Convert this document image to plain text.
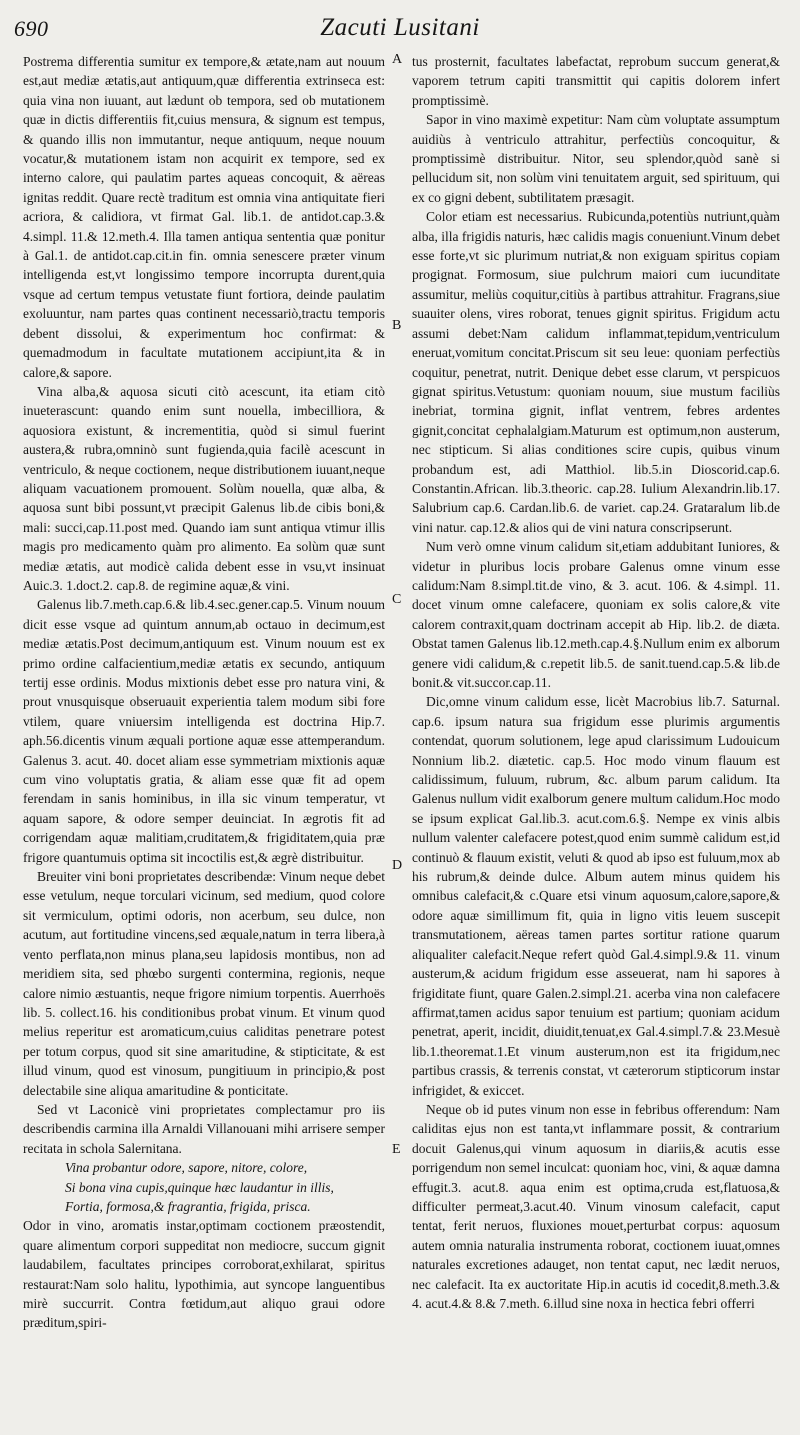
690	Zacuti Lusitani

Postrema differentia sumitur ex tempore,& ætate,nam aut nouum est,aut mediæ ætatis,aut antiquum,quæ differentia extrinseca est: quia vina non iuuant, aut lædunt ob tempora, sed ob mutationem quæ in dictis differentiis fit,cuius mensura, & signum est tempus, & quando illis non immutantur, neque antiquum, neque nouum vocatur,& mutationem istam non acquirit ex tempore, sed ex interno calore, qui paulatim partes aqueas concoquit, & aëreas ignitas reddit. Quare rectè traditum est omnia vina antiquitate fieri acriora, & calidiora, vt firmat Gal. lib.1. de antidot.cap.3.& 4.simpl. 11.& 12.meth.4. Illa tamen antiqua sententia quæ ponitur à Gal.1. de antidot.cap.cit.in fin. omnia senescere præter vinum intelligenda est,vt longissimo tempore incorrupta durent,quia vsque ad certum tempus vetustate fiunt fortiora, deinde paulatim exoluuntur, nam partes quas continent necessariò,tractu temporis debent dissolui, & experimentum hoc confirmat: & quemadmodum in facultate mutationem accipiunt,ita & in calore,& sapore.

Vina alba,& aquosa sicuti citò acescunt, ita etiam citò inueterascunt: quando enim sunt nouella, imbecilliora, & aquosiora existunt, & incrementitia, quòd si simul fuerint austera,& rubra,omninò sunt fugienda,quia facilè acescunt in ventriculo, & neque coctionem, neque distributionem iuuant,neque aliquam vacuationem promouent. Solùm nouella, quæ alba, & aquosa sunt bibi possunt,vt præcipit Galenus lib.de cibis boni,& mali: succi,cap.11.post med. Quando iam sunt antiqua vtimur illis magis pro medicamento quàm pro alimento. Ea solùm quæ sunt mediæ ætatis, aut modicè calida debent esse in vsu,vt insinuat Auic.3. 1.doct.2. cap.8. de regimine aquæ,& vini.

Galenus lib.7.meth.cap.6.& lib.4.sec.gener.cap.5. Vinum nouum dicit esse vsque ad quintum annum,ab octauo in decimum,est mediæ ætatis.Post decimum,antiquum est. Vinum nouum est ex primo ordine calfacientium,mediæ ætatis ex secundo, antiquum tertij esse ordinis. Modus mixtionis debet esse pro natura vini, & prout vnusquisque obseruauit experientia talem modum sibi fore vtilem, quare vniuersim intelligenda est doctrina Hip.7. aph.56.dicentis vinum æquali portione aquæ esse attemperandum. Galenus 3. acut. 40. docet aliam esse symmetriam mixtionis aquæ cum vino voluptatis gratia, & aliam esse quæ fit ad opem ferendam in sanis hominibus, in illa sic vinum temperatur, vt aquam sapore, & odore semper deuinciat. In ægrotis fit ad corrigendam aquæ malitiam,cruditatem,& frigiditatem,quia præ frigore quantumuis optima sit incoctilis est,& ægrè distribuitur.

Breuiter vini boni proprietates describendæ: Vinum neque debet esse vetulum, neque torculari vicinum, sed medium, quod colore sit vermiculum, optimi odoris, non acerbum, seu dulce, non acutum, aut fortitudine vincens,sed æquale,natum in terra libera,à vento perflata,non minus plana,seu lapidosis montibus, non ad meridiem sita, sed phœbo surgenti contermina, regionis, neque calore nimio æstuantis, neque frigore nimium torpentis. Auerrhoës lib. 5. collect.16. his conditionibus probat vinum. Et vinum quod melius reperitur est aromaticum,cuius caliditas penetrare potest per totum corpus, quod sit sine amaritudine, & stipticitate, & est illud vinum, quod est vinosum, pungitiuum in principio,& post delectabile sine aliqua amaritudine & ponticitate.

Sed vt Laconicè vini proprietates complectamur pro iis describendis carmina illa Arnaldi Villanouani mihi arrisere semper recitata in schola Salernitana.

Vina probantur odore, sapore, nitore, colore,

Si bona vina cupis,quinque hæc laudantur in illis,

Fortia, formosa,& fragrantia, frigida, prisca.

Odor in vino, aromatis instar,optimam coctionem præostendit, quare alimentum corpori suppeditat non mediocre, succum gignit laudabilem, facultates principes corroborat,exhilarat, spiritus restaurat:Nam solo halitu, lypothimia, aut syncope languentibus mirè succurrit. Contra fœtidum,aut aliquo graui odore præditum,spiri-

A
B
C
D
E

tus prosternit, facultates labefactat, reprobum succum generat,& vaporem tetrum capiti transmittit qui capitis dolorem infert promptissimè.

Sapor in vino maximè expetitur: Nam cùm voluptate assumptum auidiùs à ventriculo attrahitur, perfectiùs concoquitur, & promptissimè distribuitur. Nitor, seu splendor,quòd sanè si pellucidum sit, non solùm vini tenuitatem arguit, sed spirituum, qui ex co gigni debent, subtilitatem præsagit.

Color etiam est necessarius. Rubicunda,potentiùs nutriunt,quàm alba, illa frigidis naturis, hæc calidis magis conueniunt.Vinum debet esse forte,vt sic plurimum nutriat,& non exiguam spiritus copiam progignat. Formosum, siue pulchrum maiori cum iucunditate assumitur, meliùs coquitur,citiùs à partibus attrahitur. Fragrans,siue suauiter olens, vires roborat, tenues gignit spiritus. Frigidum actu assumi debet:Nam calidum inflammat,tepidum,ventriculum eneruat,vomitum concitat.Priscum sit seu leue: quoniam perfectiùs coquitur, penetrat, nutrit. Denique debet esse clarum, vt perspicuos gignat spiritus.Vetustum: quoniam nouum, siue mustum faciliùs inebriat, tormina gignit, inflat ventrem, febres ardentes gignit,concitat cephalalgiam.Maturum est optimum,non austerum, nec stipticum. Si alias conditiones scire cupis, quibus vinum probandum est, adi Matthiol. lib.5.in Dioscorid.cap.6. Constantin.African. lib.3.theoric. cap.28. Iulium Alexandrin.lib.17. Salubrium cap.6. Cardan.lib.6. de variet. cap.24. Grataralum lib.de vini natur. cap.12.& alios qui de vini natura conscripserunt.

Num verò omne vinum calidum sit,etiam addubitant Iuniores, & videtur in pluribus locis probare Galenus omne vinum esse calidum:Nam 8.simpl.tit.de vino, & 3. acut. 106. & 4.simpl. 11. docet vinum omne calefacere, quoniam ex solis calore,& vite calorem contraxit,quam doctrinam accepit ab Hip. lib.2. de diæta. Obstat tamen Galenus lib.12.meth.cap.4.§.Nullum enim ex alborum genere vidi calidum,& c.repetit lib.5. de sanit.tuend.cap.5.& lib.de bonit.& vit.succor.cap.11.

Dic,omne vinum calidum esse, licèt Macrobius lib.7. Saturnal. cap.6. ipsum natura sua frigidum esse plurimis argumentis contendat, quorum solutionem, lege apud clarissimum Ludouicum Nonnium lib.2. diætetic. cap.5. Hoc modo vinum flauum est calidissimum, fuluum, rubrum, &c. album parum calidum. Ita Galenus nullum vidit exalborum genere multum calidum.Hoc modo se ipsum explicat Gal.lib.3. acut.com.6.§. Nempe ex vinis albis nullum valenter calefacere potest,quod enim summè calidum est,id continuò & flauum existit, veluti & quod ab ipso est fuluum,mox ab his rubrum,& deinde dulce. Album autem minus quidem his omnibus calefacit,& c.Quare etsi vinum aquosum,calore,sapore,& odore aquæ simillimum fit, quia in ligno vitis leuem suscepit transmutationem, aëreas tamen partes sortitur ratione quarum aliqualiter calefacit.Neque refert quòd Gal.4.simpl.9.& 11. vinum austerum,& acidum frigidum esse asseuerat, nam hi sapores à frigiditate fiunt, quare Galen.2.simpl.21. acerba vina non calefacere affirmat,tamen acidus sapor tenuium est partium; quoniam acidum penetrat, aperit, incidit, diuidit,tenuat,ex Gal.4.simpl.7.& 23.Mesuè lib.1.theoremat.1.Et vinum austerum,non est ita frigidum,nec partibus crassis, & terrenis constat, vt cæterorum stipticorum instar infrigidet, & exiccet.

Neque ob id putes vinum non esse in febribus offerendum: Nam caliditas ejus non est tanta,vt inflammare possit, & contrarium docuit Galenus,qui vinum aquosum in diariis,& acutis esse porrigendum non semel inculcat: quoniam hoc, vini, & aquæ damna effugit.3. acut.8. aqua enim est optima,cruda est,flatuosa,& difficulter permeat,3.acut.40. Vinum vinosum calefacit, caput tentat, ferit neruos, fluxiones mouet,perturbat corpus: aquosum autem omnia naturalia instrumenta roborat, coctionem iuuat,omnes naturales excretiones adauget, non tentat caput, nec lædit neruos, nec calefacit. Ita ex auctoritate Hip.in acutis id cocedit,8.meth.3.& 4. acut.4.& 8.& 7.meth. 6.illud sine noxa in hectica febri offerri
